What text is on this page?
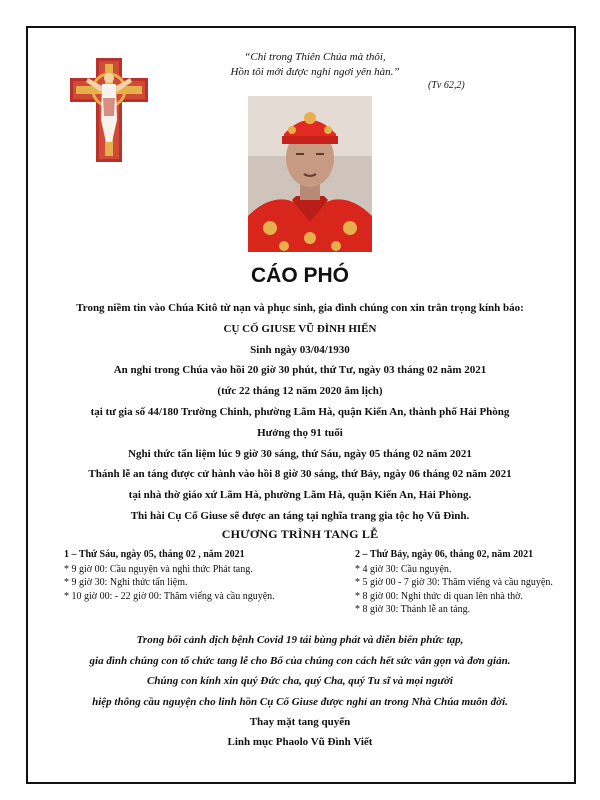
“Chỉ trong Thiên Chúa mà thôi,
Hồn tôi mới được nghỉ ngơi yên hàn.”
(Tv 62,2)
CÁO PHÓ
Trong niềm tin vào Chúa Kitô từ nạn và phục sinh, gia đình chúng con xin trân trọng kính báo:
CỤ CỐ GIUSE VŨ ĐÌNH HIẾN
Sinh ngày 03/04/1930
An nghỉ trong Chúa vào hồi 20 giờ 30 phút, thứ Tư, ngày 03 tháng 02 năm 2021
(tức 22 tháng 12 năm 2020 âm lịch)
tại tư gia số 44/180 Trường Chinh, phường Lãm Hà, quận Kiến An, thành phố Hải Phòng
Hưởng thọ 91 tuổi
Nghi thức tẩn liệm lúc 9 giờ 30 sáng, thứ Sáu, ngày 05 tháng 02 năm 2021
Thánh lễ an táng được cử hành vào hồi 8 giờ 30 sáng, thứ Bảy, ngày 06 tháng 02 năm 2021
tại nhà thờ giáo xứ Lãm Hà, phường Lãm Hà, quận Kiến An, Hải Phòng.
Thi hài Cụ Cố Giuse sẽ được an táng tại nghĩa trang gia tộc họ Vũ Đình.
CHƯƠNG TRÌNH TANG LỄ
1 – Thứ Sáu, ngày 05, tháng 02 , năm 2021
* 9 giờ 00: Cầu nguyện và nghi thức Phát tang.
* 9 giờ 30: Nghi thức tẩn liệm.
* 10 giờ 00: - 22 giờ 00: Thăm viếng và cầu nguyện.
2 – Thứ Bảy, ngày 06, tháng 02, năm 2021
* 4 giờ 30: Cầu nguyện.
* 5 giờ 00 - 7 giờ 30: Thăm viếng và cầu nguyện.
* 8 giờ 00: Nghi thức di quan lên nhà thờ.
* 8 giờ 30: Thánh lễ an táng.
Trong bối cảnh dịch bệnh Covid 19 tái bùng phát và diễn biến phức tạp,
gia đình chúng con tổ chức tang lễ cho Bố của chúng con cách hết sức vắn gọn và đơn giản.
Chúng con kính xin quý Đức cha, quý Cha, quý Tu sĩ và mọi người
hiệp thông cầu nguyện cho linh hồn Cụ Cố Giuse được nghỉ an trong Nhà Chúa muôn đời.
Thay mặt tang quyến
Linh mục Phaolo Vũ Đình Viết
